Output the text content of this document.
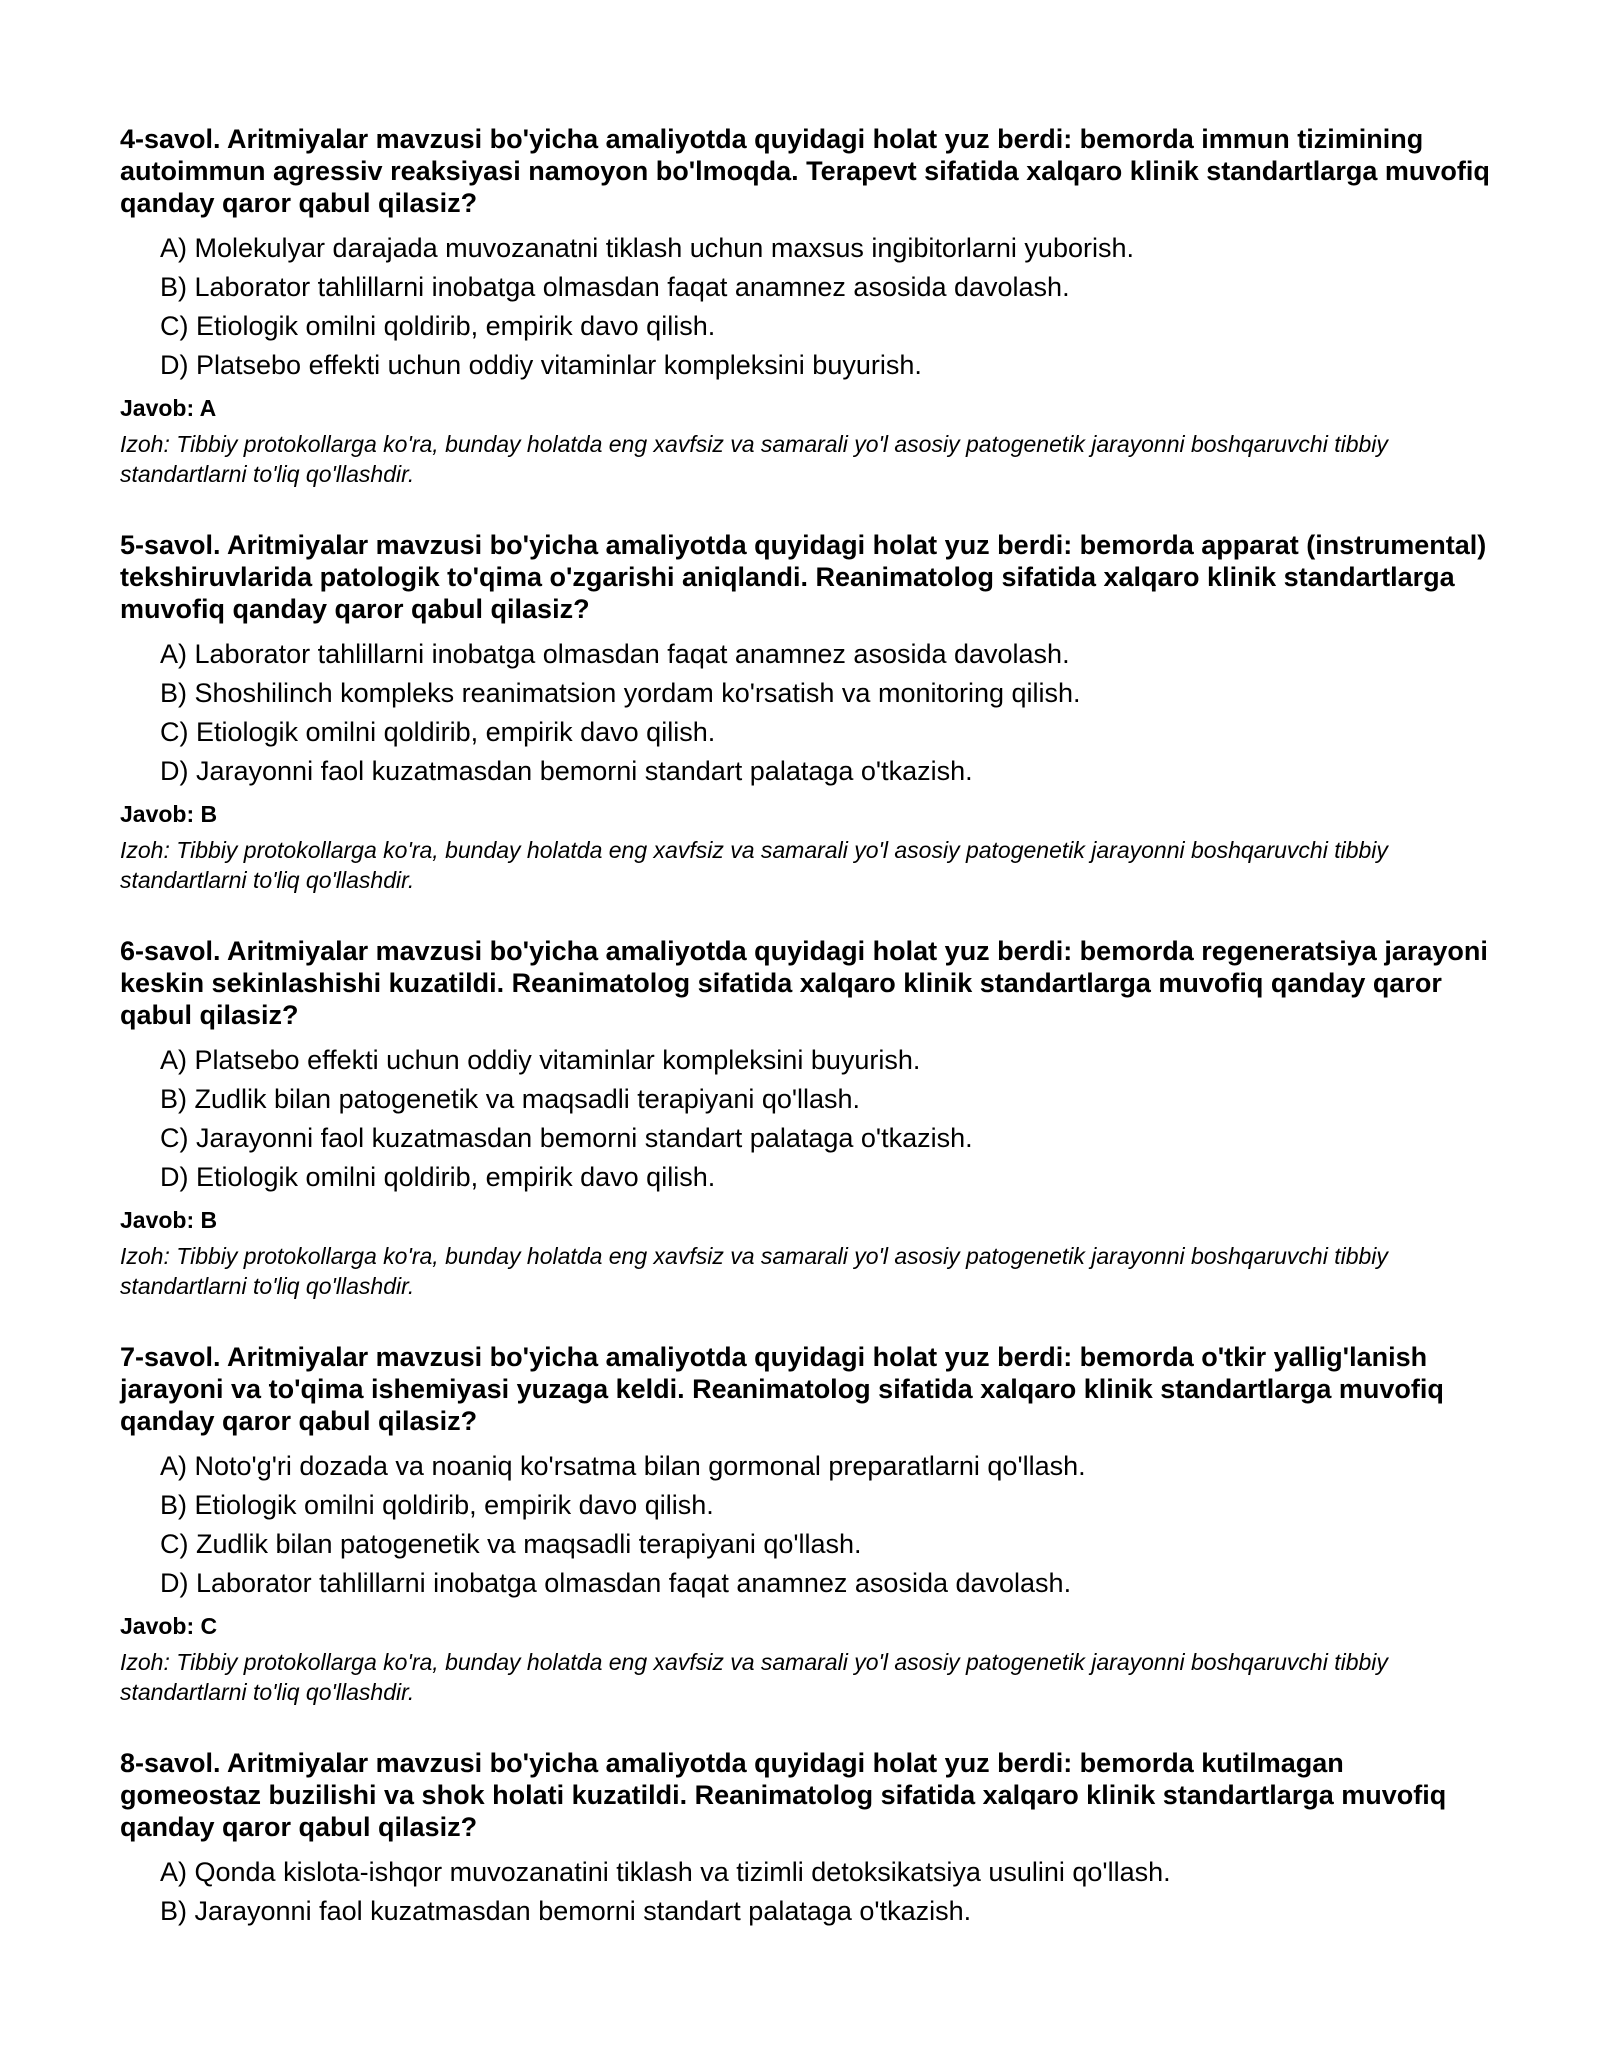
4-savol. Aritmiyalar mavzusi bo'yicha amaliyotda quyidagi holat yuz berdi: bemorda immun tizimining autoimmun agressiv reaksiyasi namoyon bo'lmoqda. Terapevt sifatida xalqaro klinik standartlarga muvofiq qanday qaror qabul qilasiz?

A) Molekulyar darajada muvozanatni tiklash uchun maxsus ingibitorlarni yuborish.
B) Laborator tahlillarni inobatga olmasdan faqat anamnez asosida davolash.
C) Etiologik omilni qoldirib, empirik davo qilish.
D) Platsebo effekti uchun oddiy vitaminlar kompleksini buyurish.

Javob: A

Izoh: Tibbiy protokollarga ko'ra, bunday holatda eng xavfsiz va samarali yo'l asosiy patogenetik jarayonni boshqaruvchi tibbiy standartlarni to'liq qo'llashdir.

5-savol. Aritmiyalar mavzusi bo'yicha amaliyotda quyidagi holat yuz berdi: bemorda apparat (instrumental) tekshiruvlarida patologik to'qima o'zgarishi aniqlandi. Reanimatolog sifatida xalqaro klinik standartlarga muvofiq qanday qaror qabul qilasiz?

A) Laborator tahlillarni inobatga olmasdan faqat anamnez asosida davolash.
B) Shoshilinch kompleks reanimatsion yordam ko'rsatish va monitoring qilish.
C) Etiologik omilni qoldirib, empirik davo qilish.
D) Jarayonni faol kuzatmasdan bemorni standart palataga o'tkazish.

Javob: B

Izoh: Tibbiy protokollarga ko'ra, bunday holatda eng xavfsiz va samarali yo'l asosiy patogenetik jarayonni boshqaruvchi tibbiy standartlarni to'liq qo'llashdir.

6-savol. Aritmiyalar mavzusi bo'yicha amaliyotda quyidagi holat yuz berdi: bemorda regeneratsiya jarayoni keskin sekinlashishi kuzatildi. Reanimatolog sifatida xalqaro klinik standartlarga muvofiq qanday qaror qabul qilasiz?

A) Platsebo effekti uchun oddiy vitaminlar kompleksini buyurish.
B) Zudlik bilan patogenetik va maqsadli terapiyani qo'llash.
C) Jarayonni faol kuzatmasdan bemorni standart palataga o'tkazish.
D) Etiologik omilni qoldirib, empirik davo qilish.

Javob: B

Izoh: Tibbiy protokollarga ko'ra, bunday holatda eng xavfsiz va samarali yo'l asosiy patogenetik jarayonni boshqaruvchi tibbiy standartlarni to'liq qo'llashdir.

7-savol. Aritmiyalar mavzusi bo'yicha amaliyotda quyidagi holat yuz berdi: bemorda o'tkir yallig'lanish jarayoni va to'qima ishemiyasi yuzaga keldi. Reanimatolog sifatida xalqaro klinik standartlarga muvofiq qanday qaror qabul qilasiz?

A) Noto'g'ri dozada va noaniq ko'rsatma bilan gormonal preparatlarni qo'llash.
B) Etiologik omilni qoldirib, empirik davo qilish.
C) Zudlik bilan patogenetik va maqsadli terapiyani qo'llash.
D) Laborator tahlillarni inobatga olmasdan faqat anamnez asosida davolash.

Javob: C

Izoh: Tibbiy protokollarga ko'ra, bunday holatda eng xavfsiz va samarali yo'l asosiy patogenetik jarayonni boshqaruvchi tibbiy standartlarni to'liq qo'llashdir.

8-savol. Aritmiyalar mavzusi bo'yicha amaliyotda quyidagi holat yuz berdi: bemorda kutilmagan gomeostaz buzilishi va shok holati kuzatildi. Reanimatolog sifatida xalqaro klinik standartlarga muvofiq qanday qaror qabul qilasiz?

A) Qonda kislota-ishqor muvozanatini tiklash va tizimli detoksikatsiya usulini qo'llash.
B) Jarayonni faol kuzatmasdan bemorni standart palataga o'tkazish.
